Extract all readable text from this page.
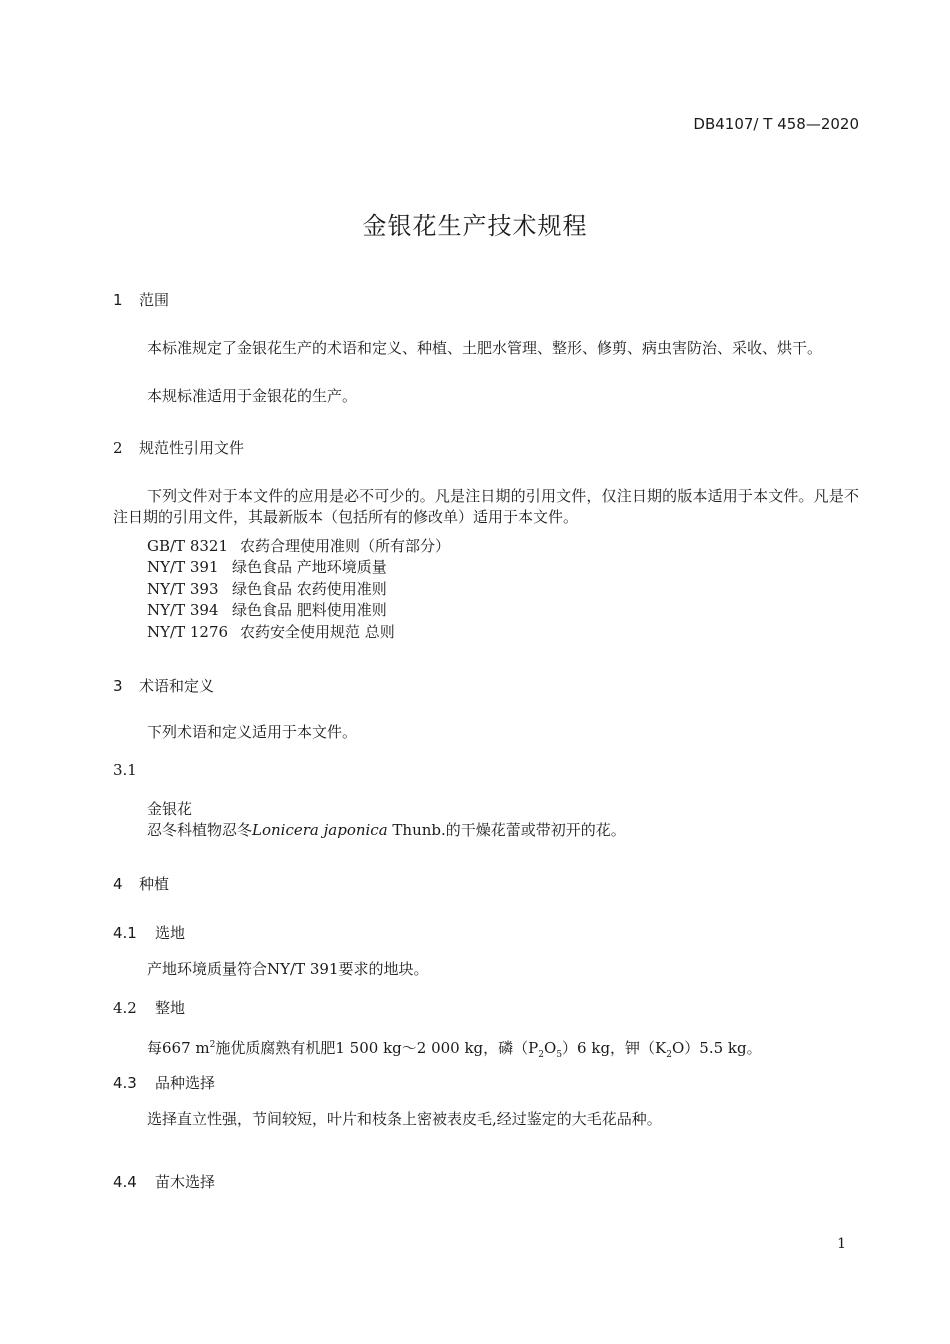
DB4107/ T 458—2020
金银花生产技术规程
1 范围
本标准规定了金银花生产的术语和定义、种植、土肥水管理、整形、修剪、病虫害防治、采收、烘干。
本规标准适用于金银花的生产。
2 规范性引用文件
下列文件对于本文件的应用是必不可少的。凡是注日期的引用文件，仅注日期的版本适用于本文件。凡是不注日期的引用文件，其最新版本（包括所有的修改单）适用于本文件。
GB/T 8321 农药合理使用准则（所有部分）
NY/T 391 绿色食品 产地环境质量
NY/T 393 绿色食品 农药使用准则
NY/T 394 绿色食品 肥料使用准则
NY/T 1276 农药安全使用规范 总则
3 术语和定义
下列术语和定义适用于本文件。
3.1
金银花
忍冬科植物忍冬Lonicera japonica Thunb.的干燥花蕾或带初开的花。
4 种植
4.1 选地
产地环境质量符合NY/T 391要求的地块。
4.2 整地
每667 $m^2$施优质腐熟有机肥1 500 kg～2 000 kg，磷$(P_2O_5)6$ kg，钾$(K_2O)5.5$ kg。
4.3 品种选择
选择直立性强，节间较短，叶片和枝条上密被表皮毛,经过鉴定的大毛花品种。
4.4 苗木选择
1
